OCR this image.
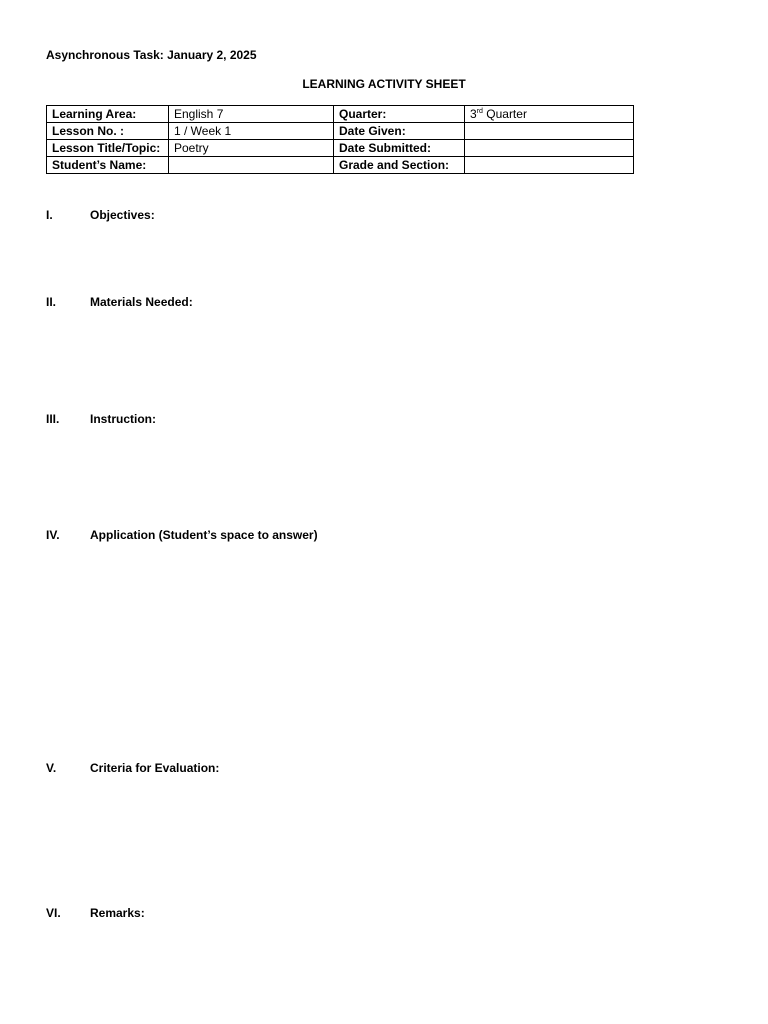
Asynchronous Task: January 2, 2025
LEARNING ACTIVITY SHEET
Learning Area:	English 7	Quarter:	3rd Quarter
Lesson No. :	1 / Week 1	Date Given:	
Lesson Title/Topic:	Poetry	Date Submitted:	
Student’s Name:		Grade and Section:	
I.	Objectives:
II.	Materials Needed:
III.	Instruction:
IV.	Application (Student’s space to answer)
V.	Criteria for Evaluation:
VI. Remarks:
